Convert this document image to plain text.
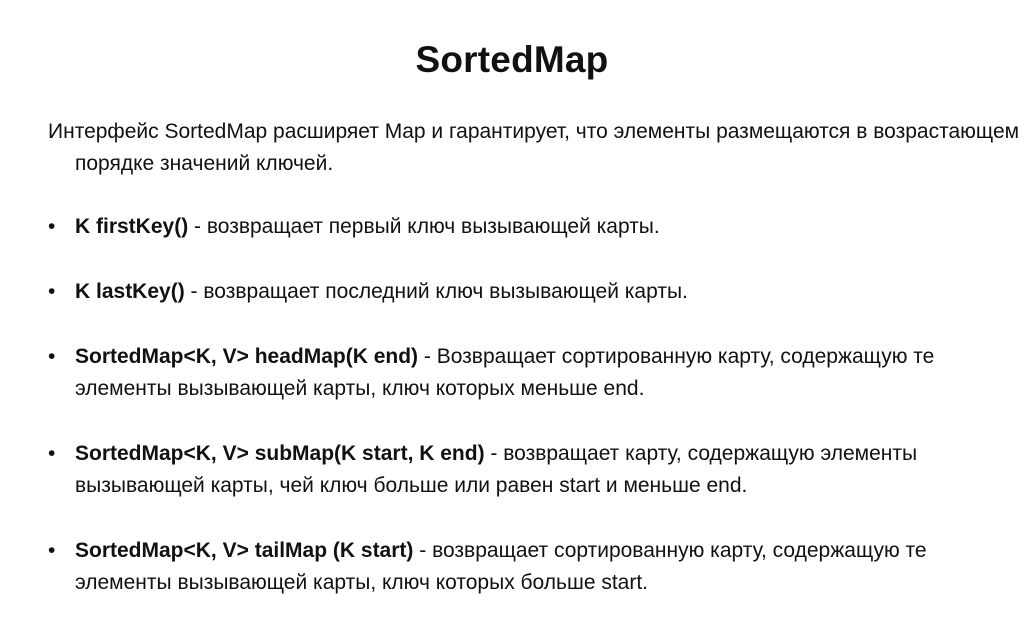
SortedMap
Интерфейс SortedMap расширяет Map и гарантирует, что элементы размещаются в возрастающем порядке значений ключей.
• K firstKey() - возвращает первый ключ вызывающей карты.
• K lastKey() - возвращает последний ключ вызывающей карты.
• SortedMap<K, V> headMap(K end) - Возвращает сортированную карту, содержащую те элементы вызывающей карты, ключ которых меньше end.
• SortedMap<K, V> subMap(K start, K end) - возвращает карту, содержащую элементы вызывающей карты, чей ключ больше или равен start и меньше end.
• SortedMap<K, V> tailMap (K start) - возвращает сортированную карту, содержащую те элементы вызывающей карты, ключ которых больше start.
